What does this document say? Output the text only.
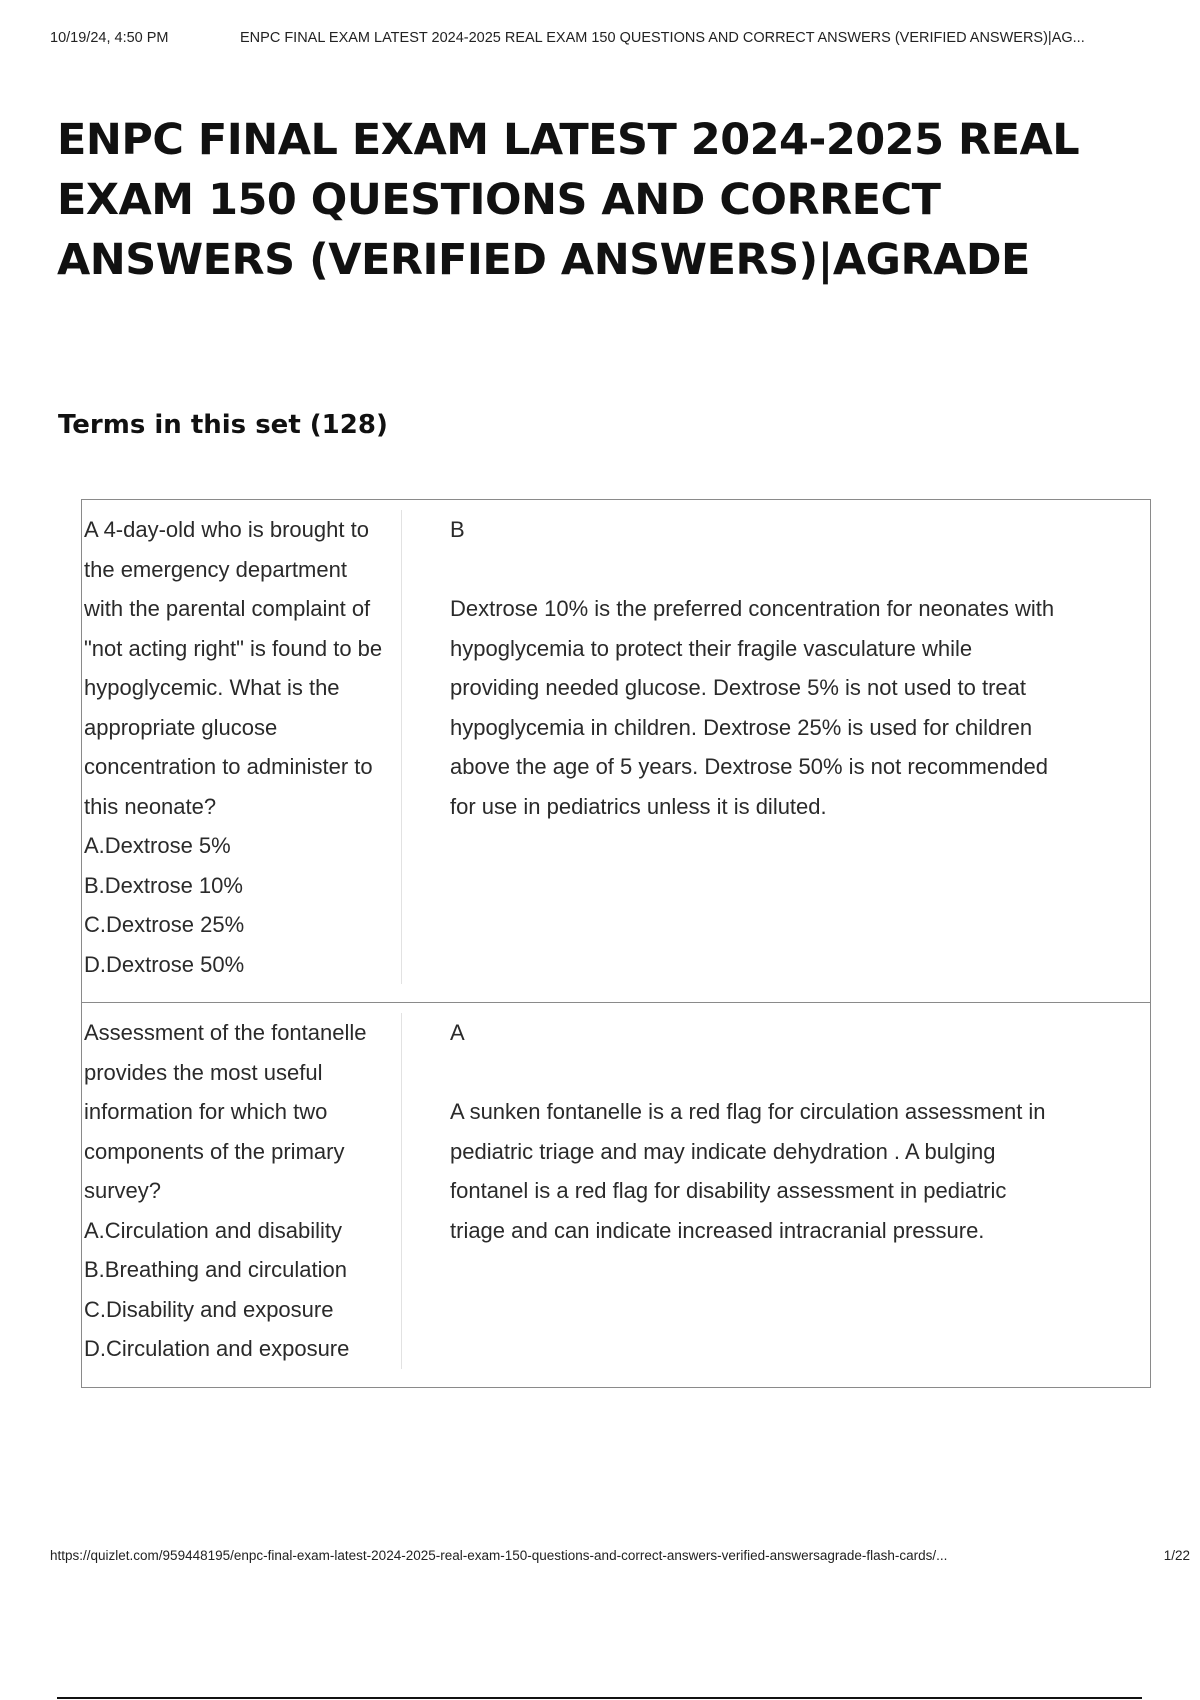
10/19/24, 4:50 PM	ENPC FINAL EXAM LATEST 2024-2025 REAL EXAM 150 QUESTIONS AND CORRECT ANSWERS (VERIFIED ANSWERS)|AG...
ENPC FINAL EXAM LATEST 2024-2025 REAL EXAM 150 QUESTIONS AND CORRECT ANSWERS (VERIFIED ANSWERS)|AGRADE
Terms in this set (128)

A 4-day-old who is brought to the emergency department with the parental complaint of "not acting right" is found to be hypoglycemic. What is the appropriate glucose concentration to administer to this neonate?

A.Dextrose 5%

B.Dextrose 10%

C.Dextrose 25%

D.Dextrose 50%

B

Dextrose 10% is the preferred concentration for neonates with hypoglycemia to protect their fragile vasculature while providing needed glucose. Dextrose 5% is not used to treat hypoglycemia in children. Dextrose 25% is used for children above the age of 5 years. Dextrose 50% is not recommended for use in pediatrics unless it is diluted.

Assessment of the fontanelle provides the most useful information for which two components of the primary survey?

A.Circulation and disability

B.Breathing and circulation

C.Disability and exposure

D.Circulation and exposure

A

A sunken fontanelle is a red flag for circulation assessment in pediatric triage and may indicate dehydration . A bulging fontanel is a red flag for disability assessment in pediatric triage and can indicate increased intracranial pressure.

https://quizlet.com/959448195/enpc-final-exam-latest-2024-2025-real-exam-150-questions-and-correct-answers-verified-answersagrade-flash-cards/...	1/22
